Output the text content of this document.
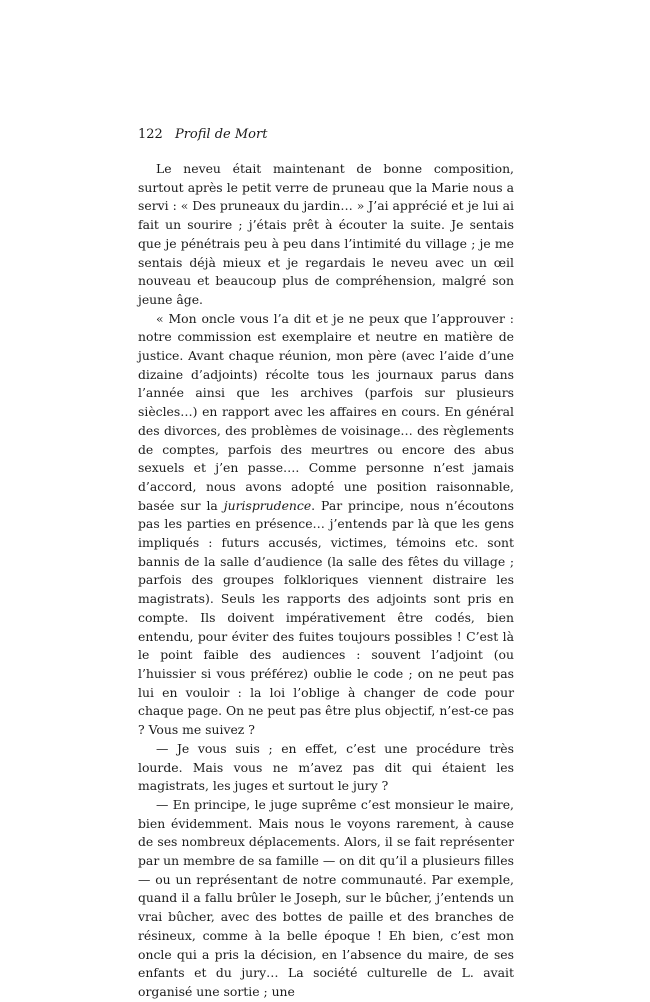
122 Profil de Mort

Le neveu était maintenant de bonne composition, surtout après le petit verre de pruneau que la Marie nous a servi : « Des pruneaux du jardin… » J’ai apprécié et je lui ai fait un sourire ; j’étais prêt à écouter la suite. Je sentais que je pénétrais peu à peu dans l’intimité du village ; je me sentais déjà mieux et je regardais le neveu avec un œil nouveau et beaucoup plus de compréhension, malgré son jeune âge.

« Mon oncle vous l’a dit et je ne peux que l’approuver : notre commission est exemplaire et neutre en matière de justice. Avant chaque réunion, mon père (avec l’aide d’une dizaine d’adjoints) récolte tous les journaux parus dans l’année ainsi que les archives (parfois sur plusieurs siècles…) en rapport avec les affaires en cours. En général des divorces, des problèmes de voisinage… des règlements de comptes, parfois des meurtres ou encore des abus sexuels et j’en passe…. Comme personne n’est jamais d’accord, nous avons adopté une position raisonnable, basée sur la jurisprudence. Par principe, nous n’écoutons pas les parties en présence… j’entends par là que les gens impliqués : futurs accusés, victimes, témoins etc. sont bannis de la salle d’audience (la salle des fêtes du village ; parfois des groupes folkloriques viennent distraire les magistrats). Seuls les rapports des adjoints sont pris en compte. Ils doivent impérativement être codés, bien entendu, pour éviter des fuites toujours possibles ! C’est là le point faible des audiences : souvent l’adjoint (ou l’huissier si vous préférez) oublie le code ; on ne peut pas lui en vouloir : la loi l’oblige à changer de code pour chaque page. On ne peut pas être plus objectif, n’est-ce pas ? Vous me suivez ?

— Je vous suis ; en effet, c’est une procédure très lourde. Mais vous ne m’avez pas dit qui étaient les magistrats, les juges et surtout le jury ?

— En principe, le juge suprême c’est monsieur le maire, bien évidemment. Mais nous le voyons rarement, à cause de ses nombreux déplacements. Alors, il se fait représenter par un membre de sa famille — on dit qu’il a plusieurs filles — ou un représentant de notre communauté. Par exemple, quand il a fallu brûler le Joseph, sur le bûcher, j’entends un vrai bûcher, avec des bottes de paille et des branches de résineux, comme à la belle époque ! Eh bien, c’est mon oncle qui a pris la décision, en l’absence du maire, de ses enfants et du jury… La société culturelle de L. avait organisé une sortie ; une
